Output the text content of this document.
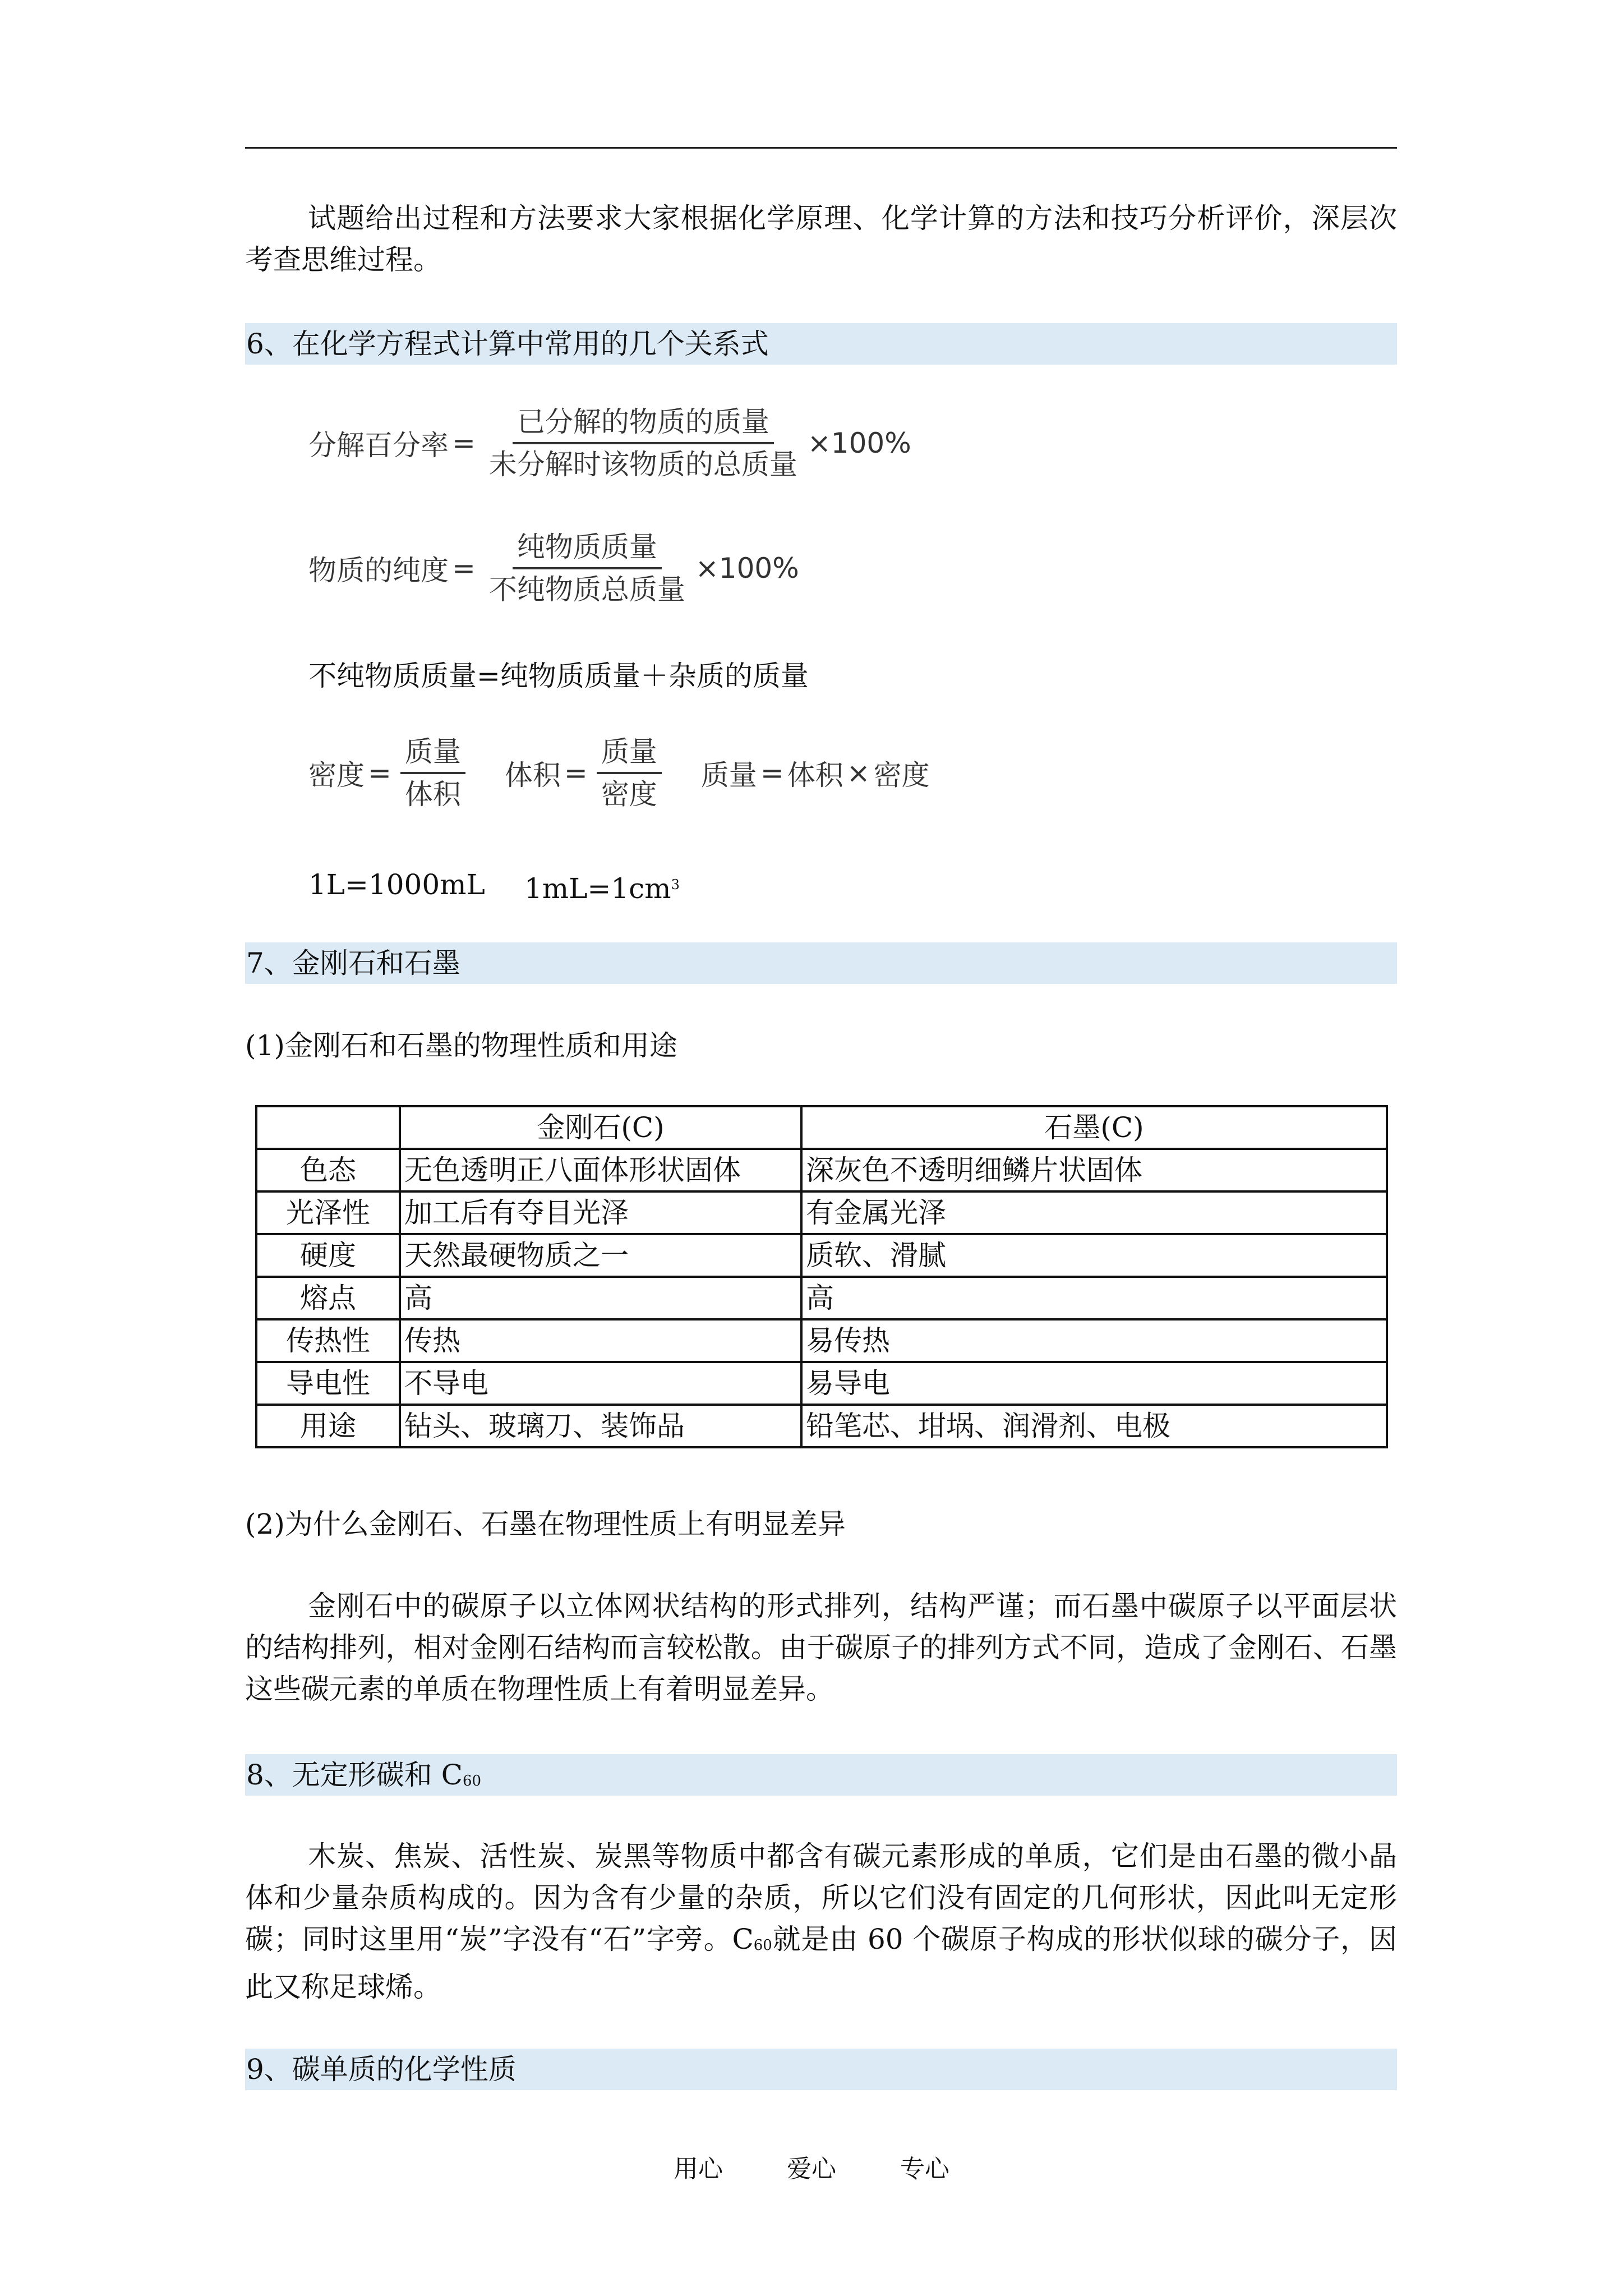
试题给出过程和方法要求大家根据化学原理、化学计算的方法和技巧分析评价，深层次考查思维过程。
6、在化学方程式计算中常用的几个关系式
分解百分率 = $\frac{\text{已分解的物质的质量}}{\text{未分解时该物质的总质量}} \times 100\%$
物质的纯度 = $\frac{\text{纯物质质量}}{\text{不纯物质总质量}} \times 100\%$
不纯物质质量=纯物质质量＋杂质的质量
密度 = $\frac{\text{质量}}{\text{体积}}$ 体积 = $\frac{\text{质量}}{\text{密度}}$ 质量 = 体积 × 密度
1L=1000mL $1mL=1cm^3$
7、金刚石和石墨
(1)金刚石和石墨的物理性质和用途
	金刚石(C)	石墨(C)
色态	无色透明正八面体形状固体	深灰色不透明细鳞片状固体
光泽性	加工后有夺目光泽	有金属光泽
硬度	天然最硬物质之一	质软、滑腻
熔点	高	高
传热性	传热	易传热
导电性	不导电	易导电
用途	钻头、玻璃刀、装饰品	铅笔芯、坩埚、润滑剂、电极
(2)为什么金刚石、石墨在物理性质上有明显差异
金刚石中的碳原子以立体网状结构的形式排列，结构严谨；而石墨中碳原子以平面层状的结构排列，相对金刚石结构而言较松散。由于碳原子的排列方式不同，造成了金刚石、石墨这些碳元素的单质在物理性质上有着明显差异。
8、无定形碳和 $C_{60}$
木炭、焦炭、活性炭、炭黑等物质中都含有碳元素形成的单质，它们是由石墨的微小晶体和少量杂质构成的。因为含有少量的杂质，所以它们没有固定的几何形状，因此叫无定形碳；同时这里用“炭”字没有“石”字旁。$C_{60}$就是由 60 个碳原子构成的形状似球的碳分子，因此又称足球烯。
9、碳单质的化学性质
用心	爱心	专心
